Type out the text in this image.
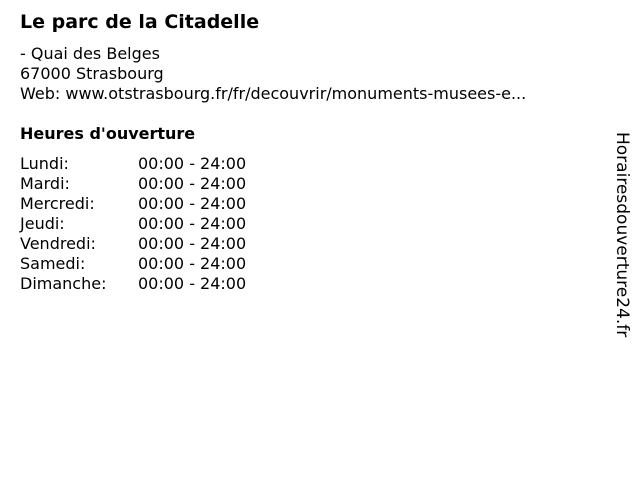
Le parc de la Citadelle
- Quai des Belges
67000 Strasbourg
Web: www.otstrasbourg.fr/fr/decouvrir/monuments-musees-e...
Heures d'ouverture
Lundi:	00:00 - 24:00
Mardi:	00:00 - 24:00
Mercredi:	00:00 - 24:00
Jeudi:	00:00 - 24:00
Vendredi:	00:00 - 24:00
Samedi:	00:00 - 24:00
Dimanche: 00:00 - 24:00	Horairesdouverture24.fr
